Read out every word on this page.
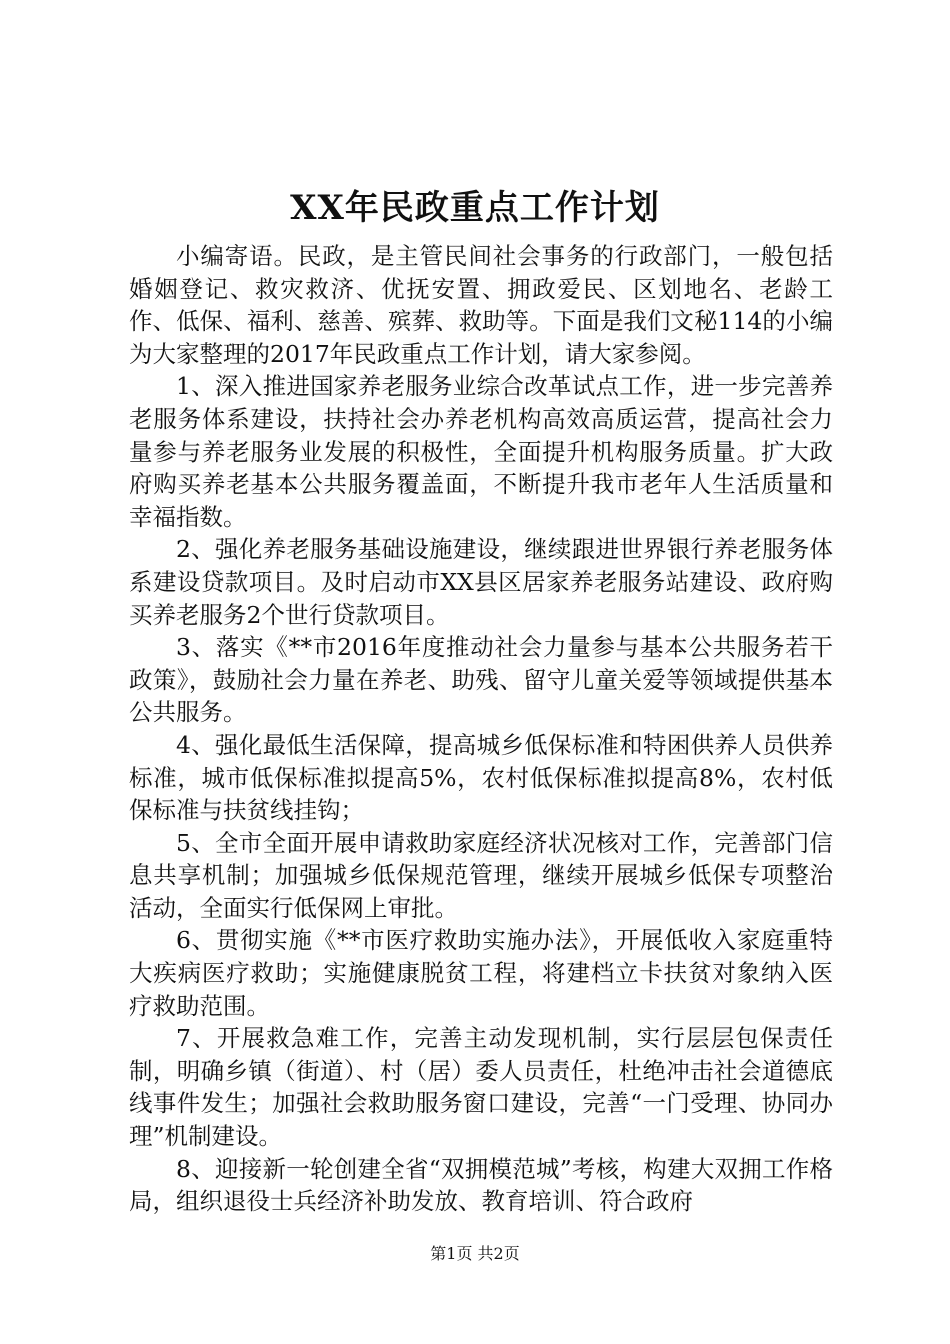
XX年民政重点工作计划

小编寄语。民政，是主管民间社会事务的行政部门，一般包括婚姻登记、救灾救济、优抚安置、拥政爱民、区划地名、老龄工作、低保、福利、慈善、殡葬、救助等。下面是我们文秘114的小编为大家整理的2017年民政重点工作计划，请大家参阅。

1、深入推进国家养老服务业综合改革试点工作，进一步完善养老服务体系建设，扶持社会办养老机构高效高质运营，提高社会力量参与养老服务业发展的积极性，全面提升机构服务质量。扩大政府购买养老基本公共服务覆盖面，不断提升我市老年人生活质量和幸福指数。

2、强化养老服务基础设施建设，继续跟进世界银行养老服务体系建设贷款项目。及时启动市XX县区居家养老服务站建设、政府购买养老服务2个世行贷款项目。

3、落实《**市2016年度推动社会力量参与基本公共服务若干政策》，鼓励社会力量在养老、助残、留守儿童关爱等领域提供基本公共服务。

4、强化最低生活保障，提高城乡低保标准和特困供养人员供养标准，城市低保标准拟提高5%，农村低保标准拟提高8%，农村低保标准与扶贫线挂钩；

5、全市全面开展申请救助家庭经济状况核对工作，完善部门信息共享机制；加强城乡低保规范管理，继续开展城乡低保专项整治活动，全面实行低保网上审批。

6、贯彻实施《**市医疗救助实施办法》，开展低收入家庭重特大疾病医疗救助；实施健康脱贫工程，将建档立卡扶贫对象纳入医疗救助范围。

7、开展救急难工作，完善主动发现机制，实行层层包保责任制，明确乡镇（街道）、村（居）委人员责任，杜绝冲击社会道德底线事件发生；加强社会救助服务窗口建设，完善“一门受理、协同办理”机制建设。

8、迎接新一轮创建全省“双拥模范城”考核，构建大双拥工作格局，组织退役士兵经济补助发放、教育培训、符合政府

第1页 共2页
